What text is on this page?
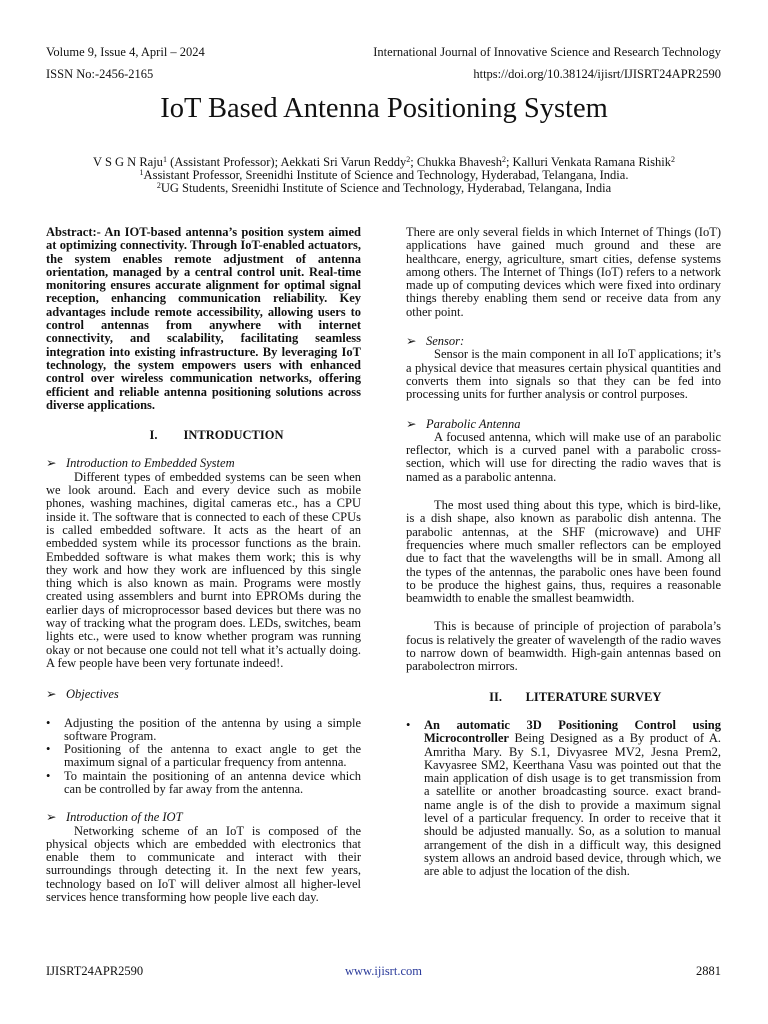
Volume 9, Issue 4, April – 2024	International Journal of Innovative Science and Research Technology
ISSN No:-2456-2165	https://doi.org/10.38124/ijisrt/IJISRT24APR2590
IoT Based Antenna Positioning System
V S G N Raju$^1$ (Assistant Professor); Aekkati Sri Varun Reddy$^2$; Chukka Bhavesh$^2$; Kalluri Venkata Ramana Rishik$^2$
$^1$Assistant Professor, Sreenidhi Institute of Science and Technology, Hyderabad, Telangana, India.
$^2$UG Students, Sreenidhi Institute of Science and Technology, Hyderabad, Telangana, India

Abstract:- An IOT-based antenna’s position system aimed at optimizing connectivity. Through IoT-enabled actuators, the system enables remote adjustment of antenna orientation, managed by a central control unit. Real-time monitoring ensures accurate alignment for optimal signal reception, enhancing communication reliability. Key advantages include remote accessibility, allowing users to control antennas from anywhere with internet connectivity, and scalability, facilitating seamless integration into existing infrastructure. By leveraging IoT technology, the system empowers users with enhanced control over wireless communication networks, offering efficient and reliable antenna positioning solutions across diverse applications.

I. INTRODUCTION

➢ Introduction to Embedded System

Different types of embedded systems can be seen when we look around. Each and every device such as mobile phones, washing machines, digital cameras etc., has a CPU inside it. The software that is connected to each of these CPUs is called embedded software. It acts as the heart of an embedded system while its processor functions as the brain. Embedded software is what makes them work; this is why they work and how they work are influenced by this single thing which is also known as main. Programs were mostly created using assemblers and burnt into EPROMs during the earlier days of microprocessor based devices but there was no way of tracking what the program does. LEDs, switches, beam lights etc., were used to know whether program was running okay or not because one could not tell what it’s actually doing. A few people have been very fortunate indeed!.

➢ Objectives

• Adjusting the position of the antenna by using a simple software Program.
• Positioning of the antenna to exact angle to get the maximum signal of a particular frequency from antenna.
• To maintain the positioning of an antenna device which can be controlled by far away from the antenna.

➢ Introduction of the IOT

Networking scheme of an IoT is composed of the physical objects which are embedded with electronics that enable them to communicate and interact with their surroundings through detecting it. In the next few years, technology based on IoT will deliver almost all higher-level services hence transforming how people live each day.

There are only several fields in which Internet of Things (IoT) applications have gained much ground and these are healthcare, energy, agriculture, smart cities, defense systems among others. The Internet of Things (IoT) refers to a network made up of computing devices which were fixed into ordinary things thereby enabling them send or receive data from any other point.

➢ Sensor:

Sensor is the main component in all IoT applications; it’s a physical device that measures certain physical quantities and converts them into signals so that they can be fed into processing units for further analysis or control purposes.

➢ Parabolic Antenna

A focused antenna, which will make use of an parabolic reflector, which is a curved panel with a parabolic cross- section, which will use for directing the radio waves that is named as a parabolic antenna.

The most used thing about this type, which is bird-like, is a dish shape, also known as parabolic dish antenna. The parabolic antennas, at the SHF (microwave) and UHF frequencies where much smaller reflectors can be employed due to fact that the wavelengths will be in small. Among all the types of the antennas, the parabolic ones have been found to be produce the highest gains, thus, requires a reasonable beamwidth to enable the smallest beamwidth.

This is because of principle of projection of parabola’s focus is relatively the greater of wavelength of the radio waves to narrow down of beamwidth. High-gain antennas based on parabolectron mirrors.

II. LITERATURE SURVEY

• An automatic 3D Positioning Control using Microcontroller Being Designed as a By product of A. Amritha Mary. By S.1, Divyasree MV2, Jesna Prem2, Kavyasree SM2, Keerthana Vasu was pointed out that the main application of dish usage is to get transmission from a satellite or another broadcasting source. exact brand-name angle is of the dish to provide a maximum signal level of a particular frequency. In order to receive that it should be adjusted manually. So, as a solution to manual arrangement of the dish in a difficult way, this designed system allows an android based device, through which, we are able to adjust the location of the dish.
IJISRT24APR2590	www.ijisrt.com	2881
